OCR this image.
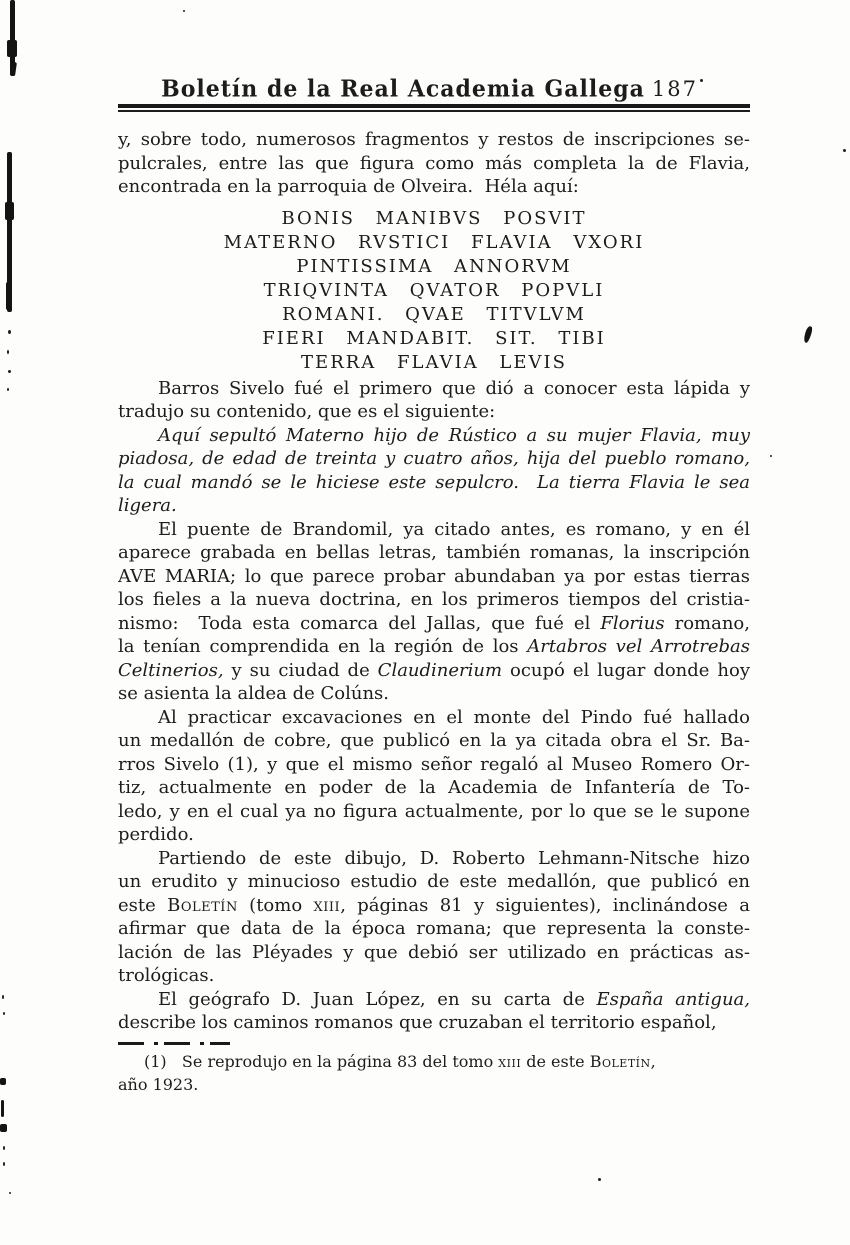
Boletín de la Real Academia Gallega 187
y, sobre todo, numerosos fragmentos y restos de inscripciones se-
pulcrales, entre las que figura como más completa la de Flavia,
encontrada en la parroquia de Olveira.  Héla aquí:
BONIS MANIBVS POSVIT
MATERNO RVSTICI FLAVIA VXORI
PINTISSIMA ANNORVM
TRIQVINTA QVATOR POPVLI
ROMANI. QVAE TITVLVM
FIERI MANDABIT. SIT. TIBI
TERRA FLAVIA LEVIS
Barros Sivelo fué el primero que dió a conocer esta lápida y
tradujo su contenido, que es el siguiente:
Aquí sepultó Materno hijo de Rústico a su mujer Flavia, muy
piadosa, de edad de treinta y cuatro años, hija del pueblo romano,
la cual mandó se le hiciese este sepulcro.  La tierra Flavia le sea
ligera.
El puente de Brandomil, ya citado antes, es romano, y en él
aparece grabada en bellas letras, también romanas, la inscripción
AVE MARIA; lo que parece probar abundaban ya por estas tierras
los fieles a la nueva doctrina, en los primeros tiempos del cristia-
nismo:  Toda esta comarca del Jallas, que fué el Florius romano,
la tenían comprendida en la región de los Artabros vel Arrotrebas
Celtinerios, y su ciudad de Claudinerium ocupó el lugar donde hoy
se asienta la aldea de Colúns.
Al practicar excavaciones en el monte del Pindo fué hallado
un medallón de cobre, que publicó en la ya citada obra el Sr. Ba-
rros Sivelo (1), y que el mismo señor regaló al Museo Romero Or-
tiz, actualmente en poder de la Academia de Infantería de To-
ledo, y en el cual ya no figura actualmente, por lo que se le supone
perdido.
Partiendo de este dibujo, D. Roberto Lehmann-Nitsche hizo
un erudito y minucioso estudio de este medallón, que publicó en
este Boletín (tomo xiii, páginas 81 y siguientes), inclinándose a
afirmar que data de la época romana; que representa la conste-
lación de las Pléyades y que debió ser utilizado en prácticas as-
trológicas.
El geógrafo D. Juan López, en su carta de España antigua,
describe los caminos romanos que cruzaban el territorio español,
(1)   Se reprodujo en la página 83 del tomo xiii de este Boletín,
año 1923.
